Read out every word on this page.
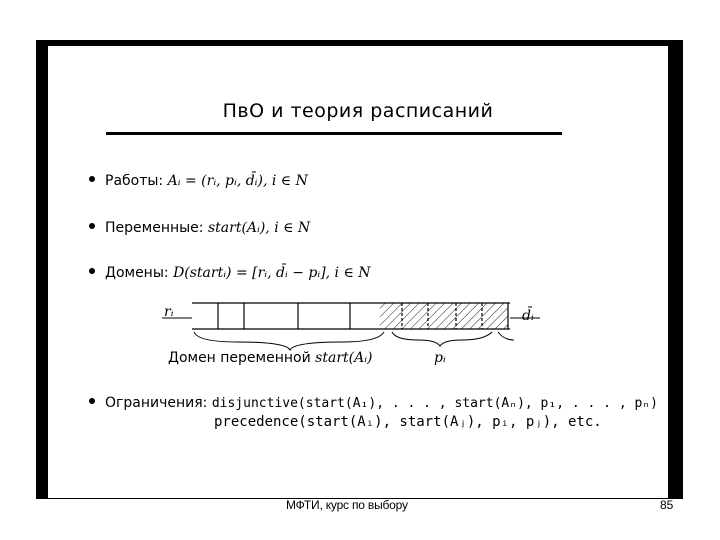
ПвО и теория расписаний
Работы: Aᵢ = (rᵢ, pᵢ, d̄ᵢ), i ∈ N
Переменные: start(Aᵢ), i ∈ N
Домены: D(startᵢ) = [rᵢ, d̄ᵢ − pᵢ], i ∈ N
rᵢ	d̄ᵢ
Домен переменной start(Aᵢ)	pᵢ
Ограничения: disjunctive(start(A₁), . . . , start(Aₙ), p₁, . . . , pₙ)
precedence(start(Aᵢ), start(Aⱼ), pᵢ, pⱼ), etc.
МФТИ, курс по выбору	85
